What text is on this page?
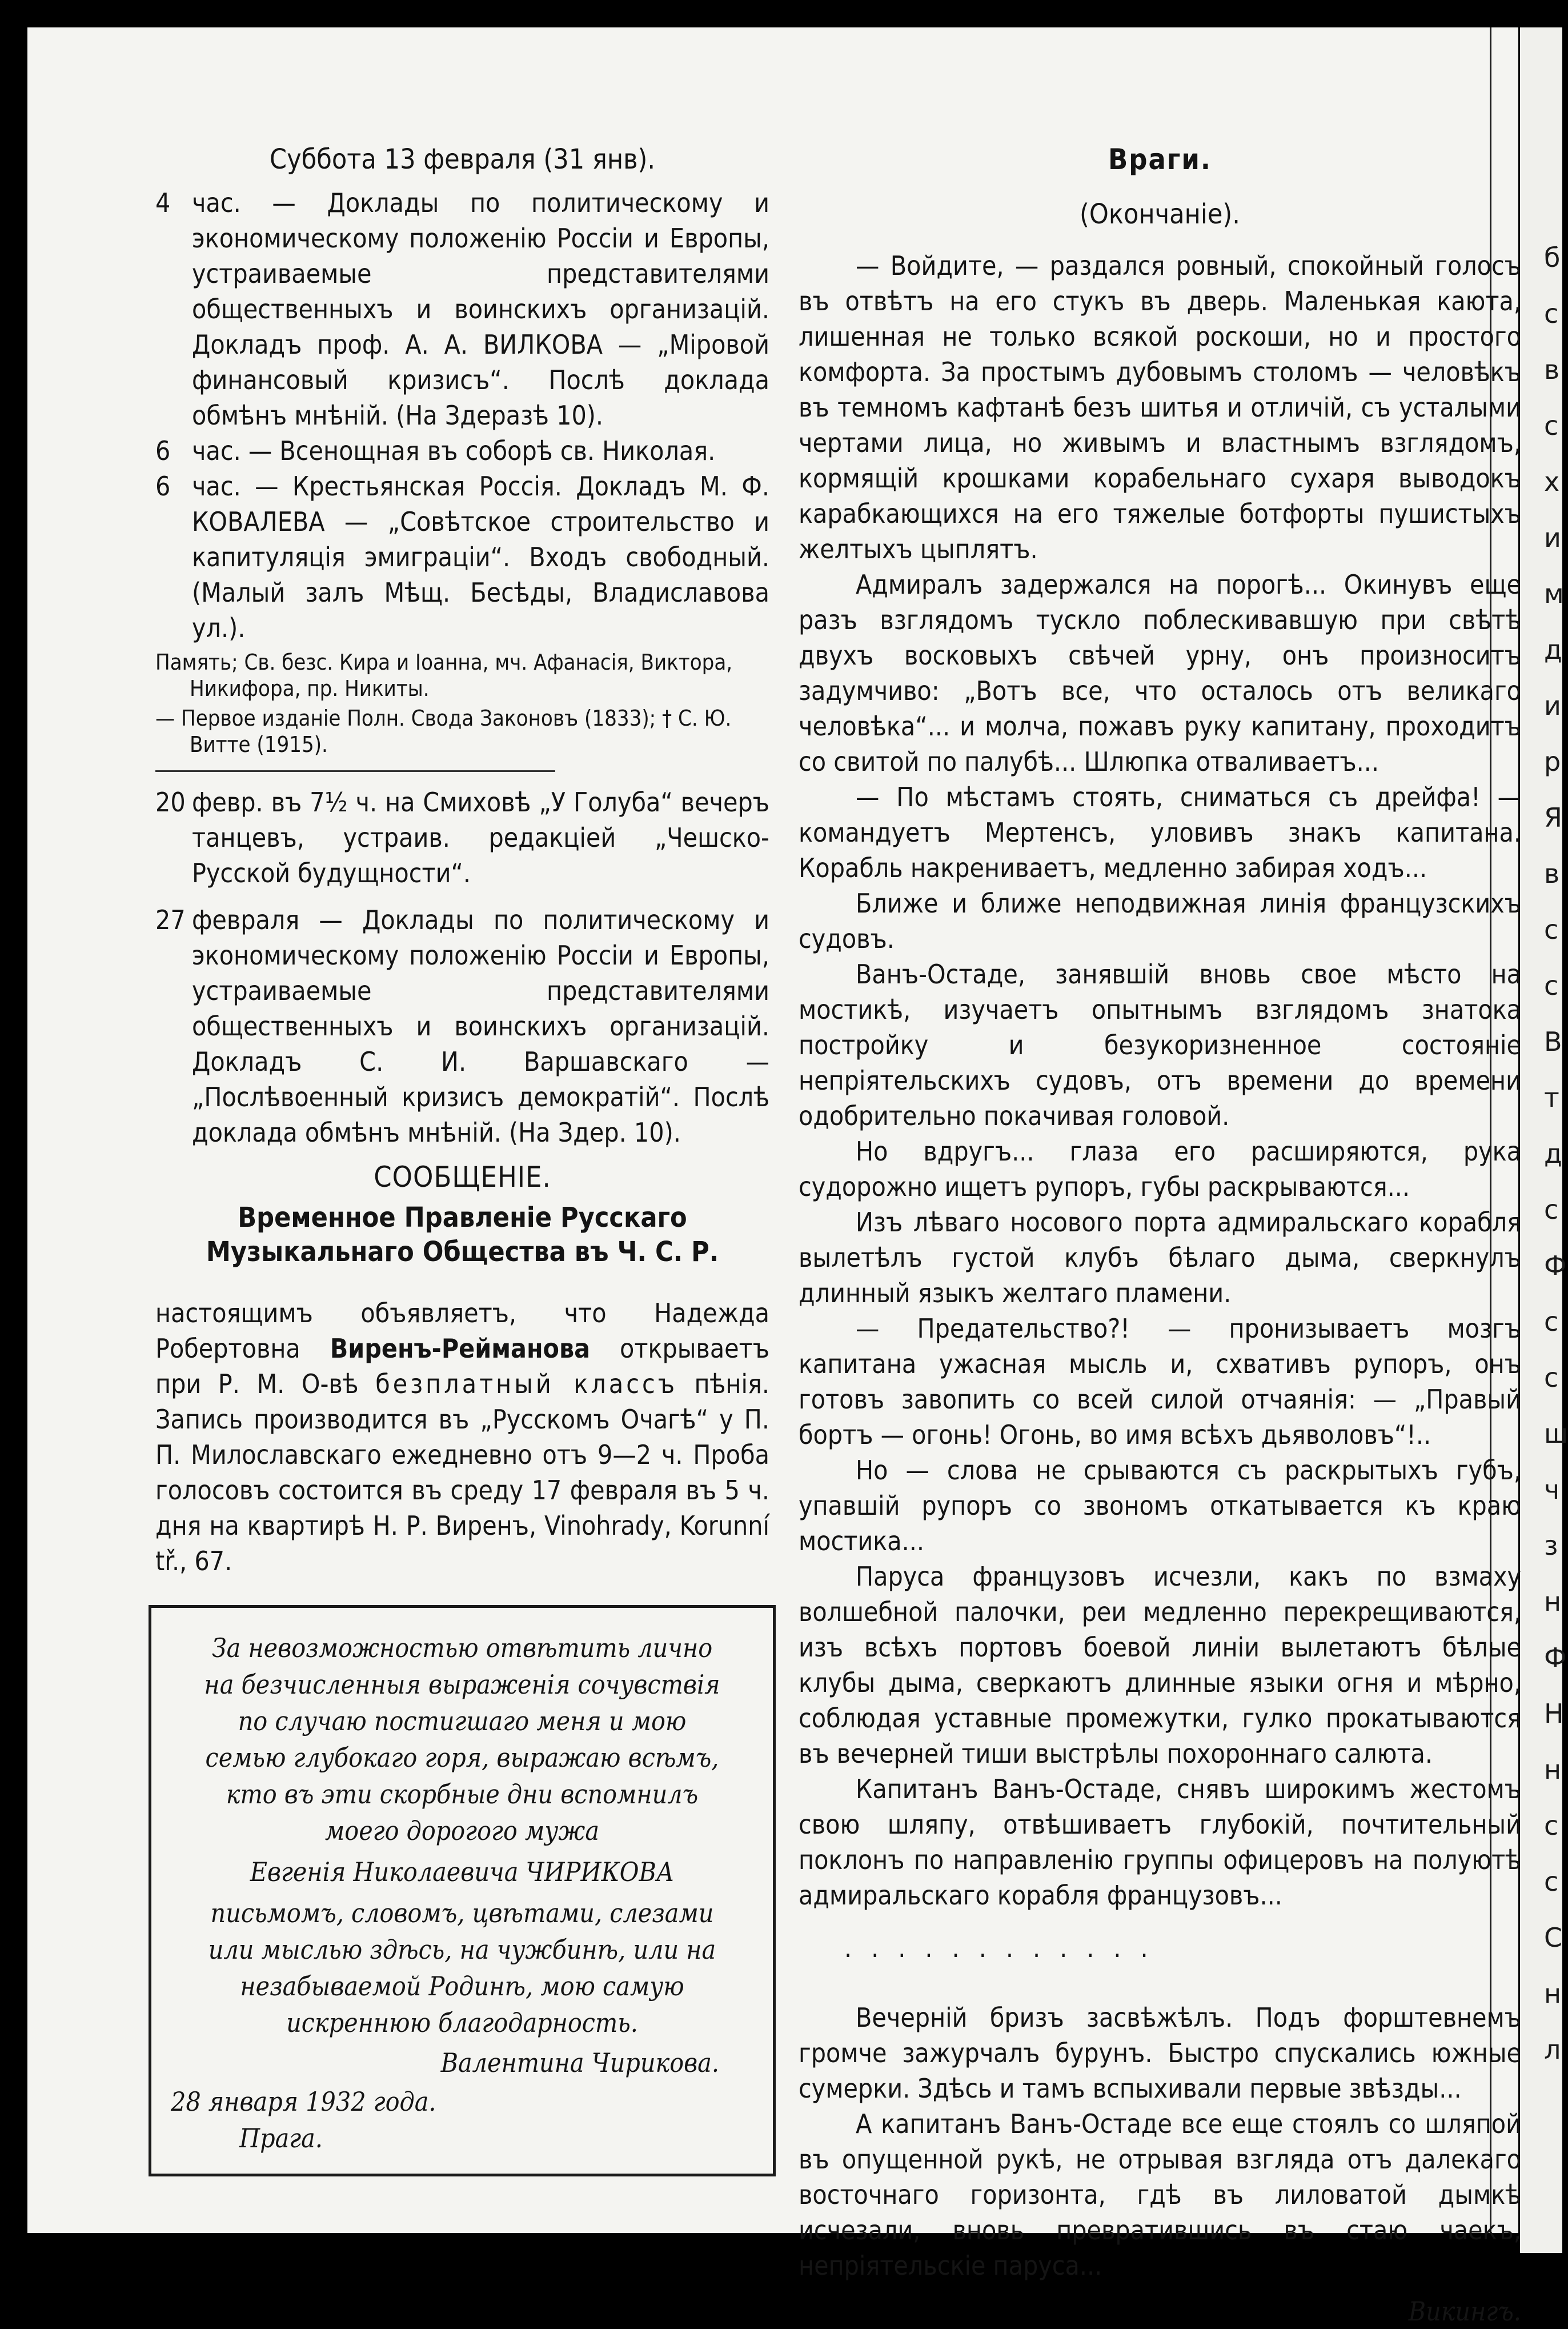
б
с
в
с
х
и
м
д
и
р
Я
в
с
с
В
т
д
с
Ф
с
с
ш
ч
з
н
Ф
Н
н
с
с
С
н
л
Суббота 13 февраля (31 янв).
4 час. — Доклады по политическому и экономическому положенію Россіи и Европы, устраиваемые представителями общественныхъ и воинскихъ организацій. Докладъ проф. А. А. ВИЛКОВА — „Міровой финансовый кризисъ“. Послѣ доклада обмѣнъ мнѣній. (На Здеразѣ 10).
6 час. — Всенощная въ соборѣ св. Николая.
6 час. — Крестьянская Россія. Докладъ М. Ф. КОВАЛЕВА — „Совѣтское строительство и капитуляція эмиграціи“. Входъ свободный. (Малый залъ Мѣщ. Бесѣды, Владиславова ул.).

Память; Св. безс. Кира и Іоанна, мч. Афанасія, Виктора, Никифора, пр. Никиты.

— Первое изданіе Полн. Свода Законовъ (1833); † С. Ю. Витте (1915).

20 февр. въ 7½ ч. на Смиховѣ „У Голуба“ вечеръ танцевъ, устраив. редакціей „Чешско-Русской будущности“.
27 февраля — Доклады по политическому и экономическому положенію Россіи и Европы, устраиваемые представителями общественныхъ и воинскихъ организацій. Докладъ С. И. Варшавскаго — „Послѣвоенный кризисъ демократій“. Послѣ доклада обмѣнъ мнѣній. (На Здер. 10).
СООБЩЕНІЕ.
Временное Правленіе Русскаго Музыкальнаго Общества въ Ч. С. Р.

настоящимъ объявляетъ, что Надежда Робертовна Виренъ-Рейманова открываетъ при Р. М. О-вѣ безплатный классъ пѣнія. Запись производится въ „Русскомъ Очагѣ“ у П. П. Милославскаго ежедневно отъ 9—2 ч. Проба голосовъ состоится въ среду 17 февраля въ 5 ч. дня на квартирѣ Н. Р. Виренъ, Vinohrady, Korunní tř., 67.

За невозможностью отвѣтить лично
на безчисленныя выраженія сочувствія
по случаю постигшаго меня и мою
семью глубокаго горя, выражаю всѣмъ,
кто въ эти скорбные дни вспомнилъ
моего дорогого мужа
Евгенія Николаевича ЧИРИКОВА
письмомъ, словомъ, цвѣтами, слезами
или мыслью здѣсь, на чужбинѣ, или на
незабываемой Родинѣ, мою самую
искреннюю благодарность.
Валентина Чирикова.
28 января 1932 года.
Прага.
Враги.
(Окончаніе).

— Войдите, — раздался ровный, спокойный голосъ въ отвѣтъ на его стукъ въ дверь. Маленькая каюта, лишенная не только всякой роскоши, но и простого комфорта. За простымъ дубовымъ столомъ — человѣкъ въ темномъ кафтанѣ безъ шитья и отличій, съ усталыми чертами лица, но живымъ и властнымъ взглядомъ, кормящій крошками корабельнаго сухаря выводокъ карабкающихся на его тяжелые ботфорты пушистыхъ желтыхъ цыплятъ.

Адмиралъ задержался на порогѣ... Окинувъ еще разъ взглядомъ тускло поблескивавшую при свѣтѣ двухъ восковыхъ свѣчей урну, онъ произноситъ задумчиво: „Вотъ все, что осталось отъ великаго человѣка“... и молча, пожавъ руку капитану, проходитъ со свитой по палубѣ... Шлюпка отваливаетъ...

— По мѣстамъ стоять, сниматься съ дрейфа! — командуетъ Мертенсъ, уловивъ знакъ капитана. Корабль накрениваетъ, медленно забирая ходъ...

Ближе и ближе неподвижная линія французскихъ судовъ.

Ванъ-Остаде, занявшій вновь свое мѣсто на мостикѣ, изучаетъ опытнымъ взглядомъ знатока постройку и безукоризненное состояніе непріятельскихъ судовъ, отъ времени до времени одобрительно покачивая головой.

Но вдругъ... глаза его расширяются, рука судорожно ищетъ рупоръ, губы раскрываются...

Изъ лѣваго носового порта адмиральскаго корабля вылетѣлъ густой клубъ бѣлаго дыма, сверкнулъ длинный языкъ желтаго пламени.

— Предательство?! — пронизываетъ мозгъ капитана ужасная мысль и, схвативъ рупоръ, онъ готовъ завопить со всей силой отчаянія: — „Правый бортъ — огонь! Огонь, во имя всѣхъ дьяволовъ“!..

Но — слова не срываются съ раскрытыхъ губъ, упавшій рупоръ со звономъ откатывается къ краю мостика...

Паруса французовъ исчезли, какъ по взмаху волшебной палочки, реи медленно перекрещиваются, изъ всѣхъ портовъ боевой линіи вылетаютъ бѣлые клубы дыма, сверкаютъ длинные языки огня и мѣрно, соблюдая уставные промежутки, гулко прокатываются въ вечерней тиши выстрѣлы похороннаго салюта.

Капитанъ Ванъ-Остаде, снявъ широкимъ жестомъ свою шляпу, отвѣшиваетъ глубокій, почтительный поклонъ по направленію группы офицеровъ на полуютѣ адмиральскаго корабля французовъ...

............

Вечерній бризъ засвѣжѣлъ. Подъ форштевнемъ громче зажурчалъ бурунъ. Быстро спускались южные сумерки. Здѣсь и тамъ вспыхивали первые звѣзды...

А капитанъ Ванъ-Остаде все еще стоялъ со шляпой въ опущенной рукѣ, не отрывая взгляда отъ далекаго восточнаго горизонта, гдѣ въ лиловатой дымкѣ исчезали, вновь превратившись въ стаю чаекъ, непріятельскіе паруса...

Викингъ.
